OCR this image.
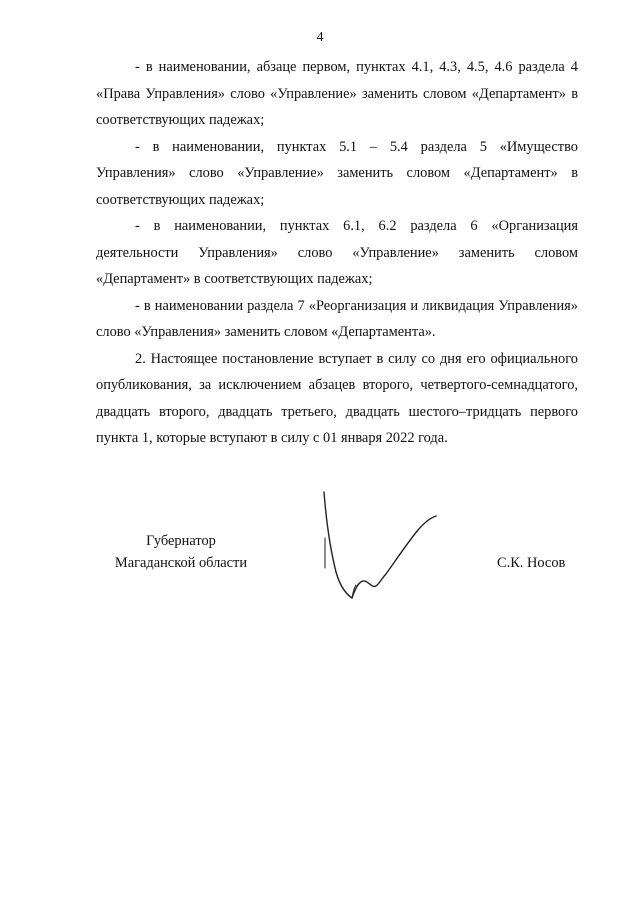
4

- в наименовании, абзаце первом, пунктах 4.1, 4.3, 4.5, 4.6 раздела 4 «Права Управления» слово «Управление» заменить словом «Департамент» в соответствующих падежах;

- в наименовании, пунктах 5.1 – 5.4 раздела 5 «Имущество Управления» слово «Управление» заменить словом «Департамент» в соответствующих падежах;

- в наименовании, пунктах 6.1, 6.2 раздела 6 «Организация деятельности Управления» слово «Управление» заменить словом «Департамент» в соответствующих падежах;

- в наименовании раздела 7 «Реорганизация и ликвидация Управления» слово «Управления» заменить словом «Департамента».

2. Настоящее постановление вступает в силу со дня его официального опубликования, за исключением абзацев второго, четвертого-семнадцатого, двадцать второго, двадцать третьего, двадцать шестого–тридцать первого пункта 1, которые вступают в силу с 01 января 2022 года.

Губернатор
Магаданской области	С.К. Носов
